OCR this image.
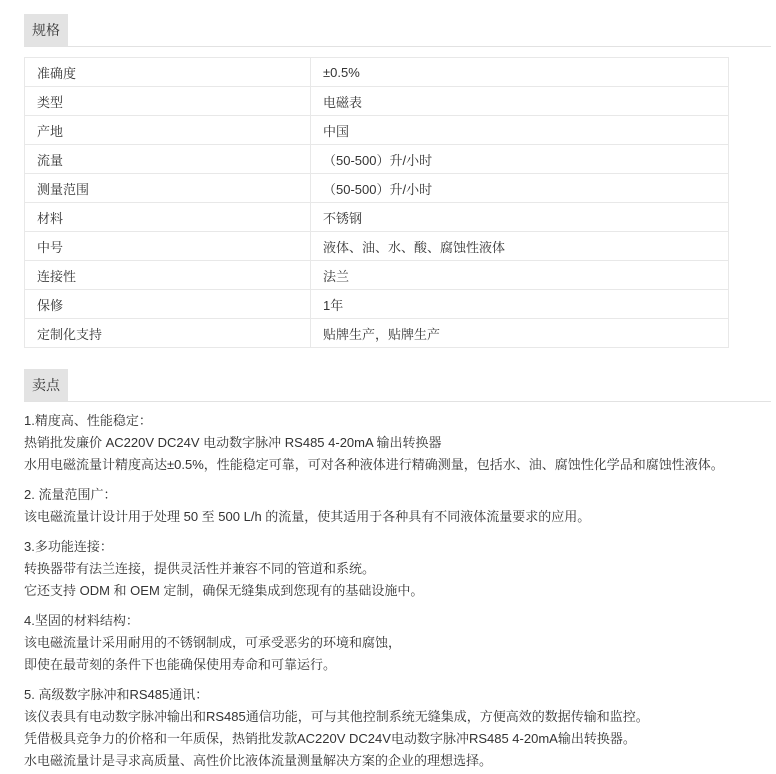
规格
准确度	±0.5%
类型	电磁表
产地	中国
流量	（50-500）升/小时
测量范围	（50-500）升/小时
材料	不锈钢
中号	液体、油、水、酸、腐蚀性液体
连接性	法兰
保修	1年
定制化支持	贴牌生产，贴牌生产
卖点

1.精度高、性能稳定：
热销批发廉价 AC220V DC24V 电动数字脉冲 RS485 4-20mA 输出转换器
水用电磁流量计精度高达±0.5%，性能稳定可靠，可对各种液体进行精确测量，包括水、油、腐蚀性化学品和腐蚀性液体。

2. 流量范围广：
该电磁流量计设计用于处理 50 至 500 L/h 的流量，使其适用于各种具有不同液体流量要求的应用。

3.多功能连接：
转换器带有法兰连接，提供灵活性并兼容不同的管道和系统。
它还支持 ODM 和 OEM 定制，确保无缝集成到您现有的基础设施中。

4.坚固的材料结构：
该电磁流量计采用耐用的不锈钢制成，可承受恶劣的环境和腐蚀，
即使在最苛刻的条件下也能确保使用寿命和可靠运行。

5. 高级数字脉冲和RS485通讯：
该仪表具有电动数字脉冲输出和RS485通信功能，可与其他控制系统无缝集成，方便高效的数据传输和监控。
凭借极具竞争力的价格和一年质保，热销批发款AC220V DC24V电动数字脉冲RS485 4-20mA输出转换器。
水电磁流量计是寻求高质量、高性价比液体流量测量解决方案的企业的理想选择。
